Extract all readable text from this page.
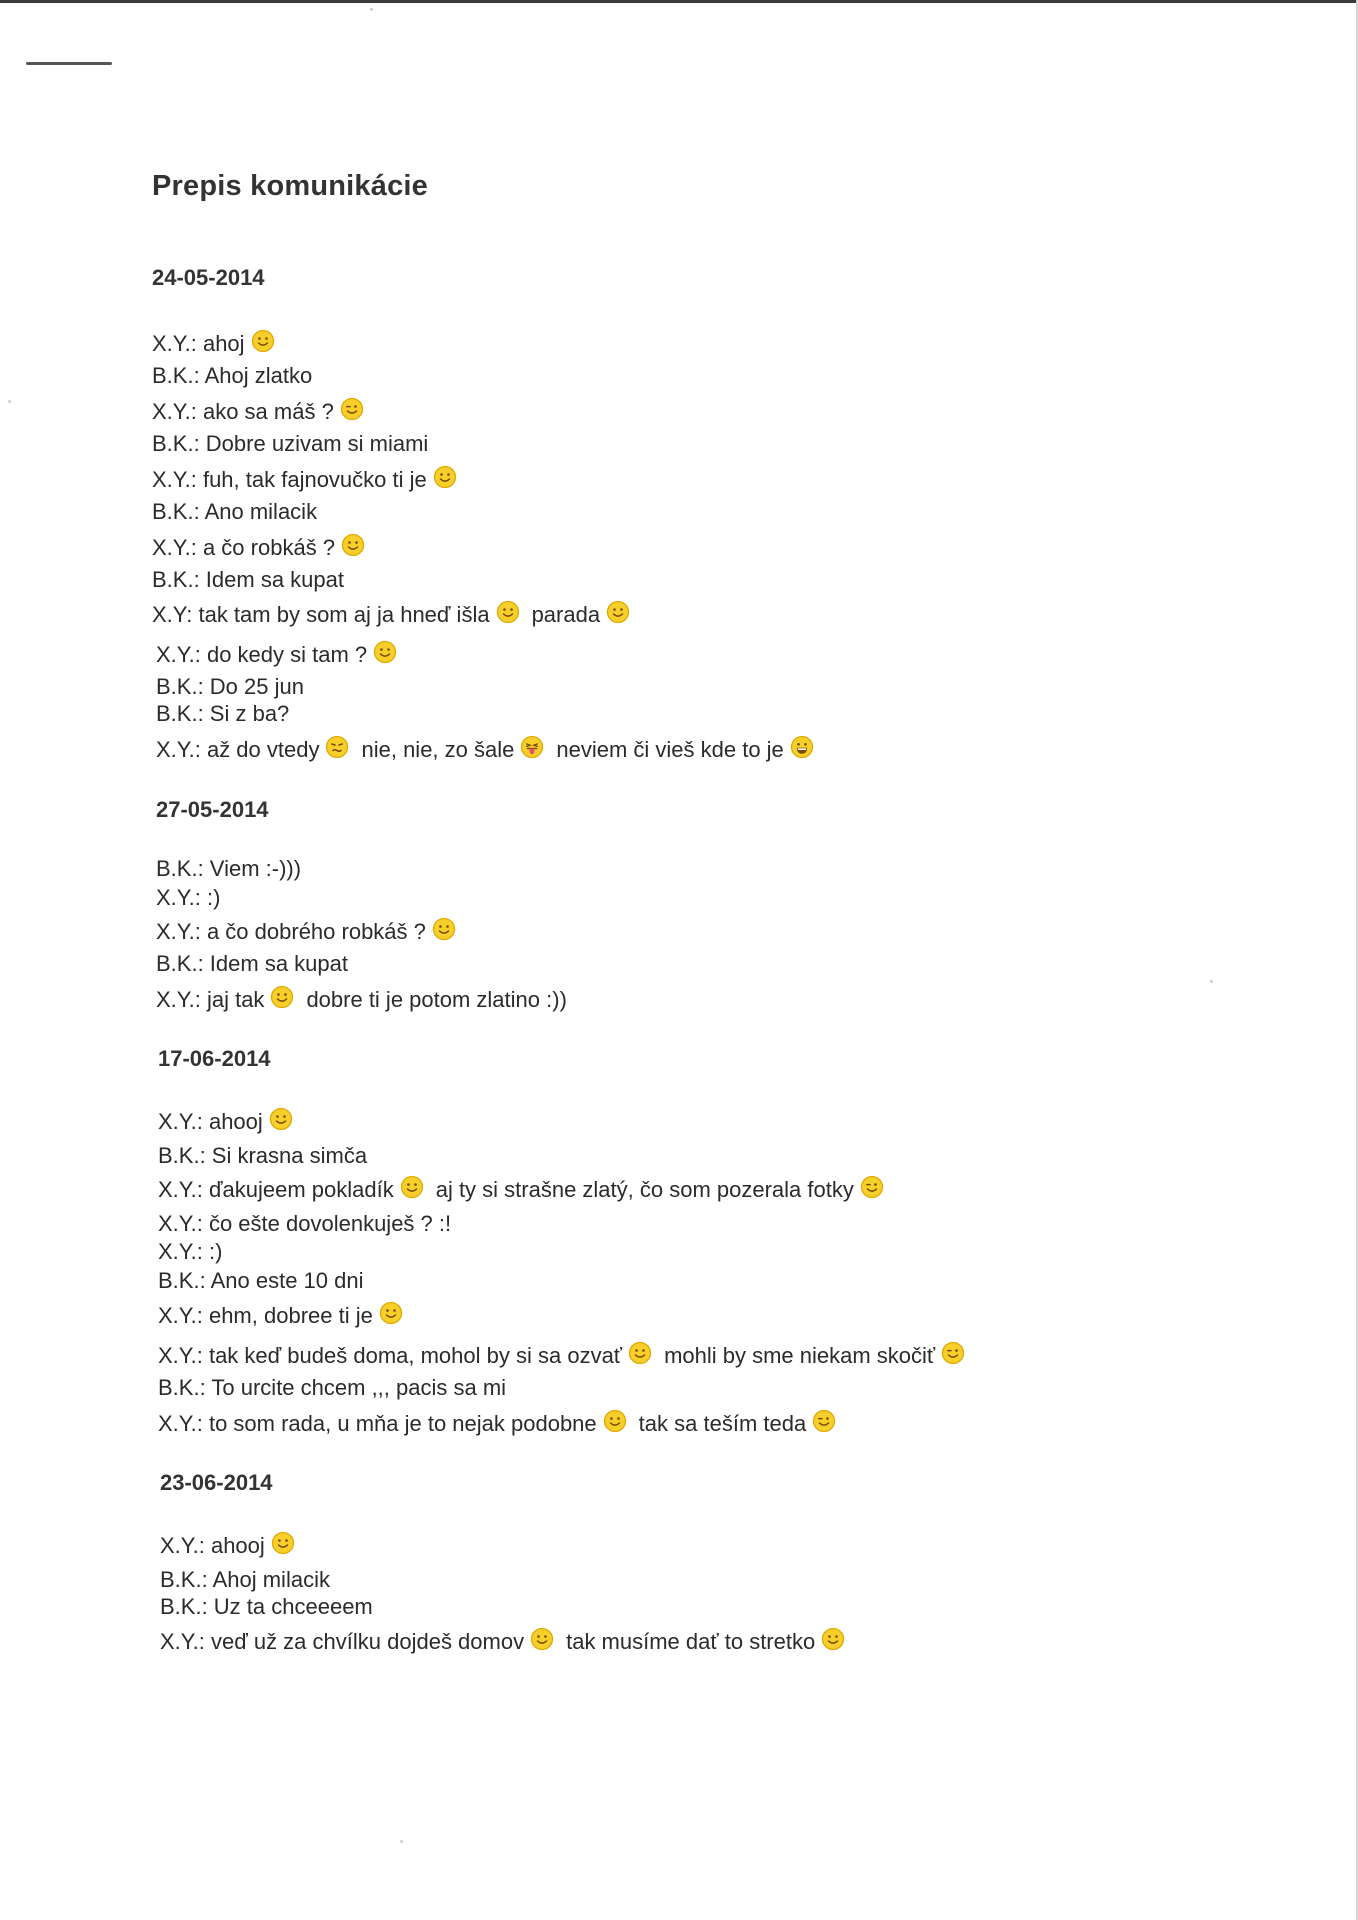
Prepis komunikácie
24-05-2014
X.Y.: ahoj
B.K.: Ahoj zlatko
X.Y.: ako sa máš ?
B.K.: Dobre uzivam si miami
X.Y.: fuh, tak fajnovučko ti je
B.K.: Ano milacik
X.Y.: a čo robkáš ?
B.K.: Idem sa kupat
X.Y: tak tam by som aj ja hneď išla parada
X.Y.: do kedy si tam ?
B.K.: Do 25 jun
B.K.: Si z ba?
X.Y.: až do vtedy nie, nie, zo šale neviem či vieš kde to je
27-05-2014
B.K.: Viem :-)))
X.Y.: :)
X.Y.: a čo dobrého robkáš ?
B.K.: Idem sa kupat
X.Y.: jaj tak dobre ti je potom zlatino :))
17-06-2014
X.Y.: ahooj
B.K.: Si krasna simča
X.Y.: ďakujeem pokladík aj ty si strašne zlatý, čo som pozerala fotky
X.Y.: čo ešte dovolenkuješ ? :!
X.Y.: :)
B.K.: Ano este 10 dni
X.Y.: ehm, dobree ti je
X.Y.: tak keď budeš doma, mohol by si sa ozvať mohli by sme niekam skočiť
B.K.: To urcite chcem ,,, pacis sa mi
X.Y.: to som rada, u mňa je to nejak podobne tak sa teším teda
23-06-2014
X.Y.: ahooj
B.K.: Ahoj milacik
B.K.: Uz ta chceeeem
X.Y.: veď už za chvílku dojdeš domov tak musíme dať to stretko
